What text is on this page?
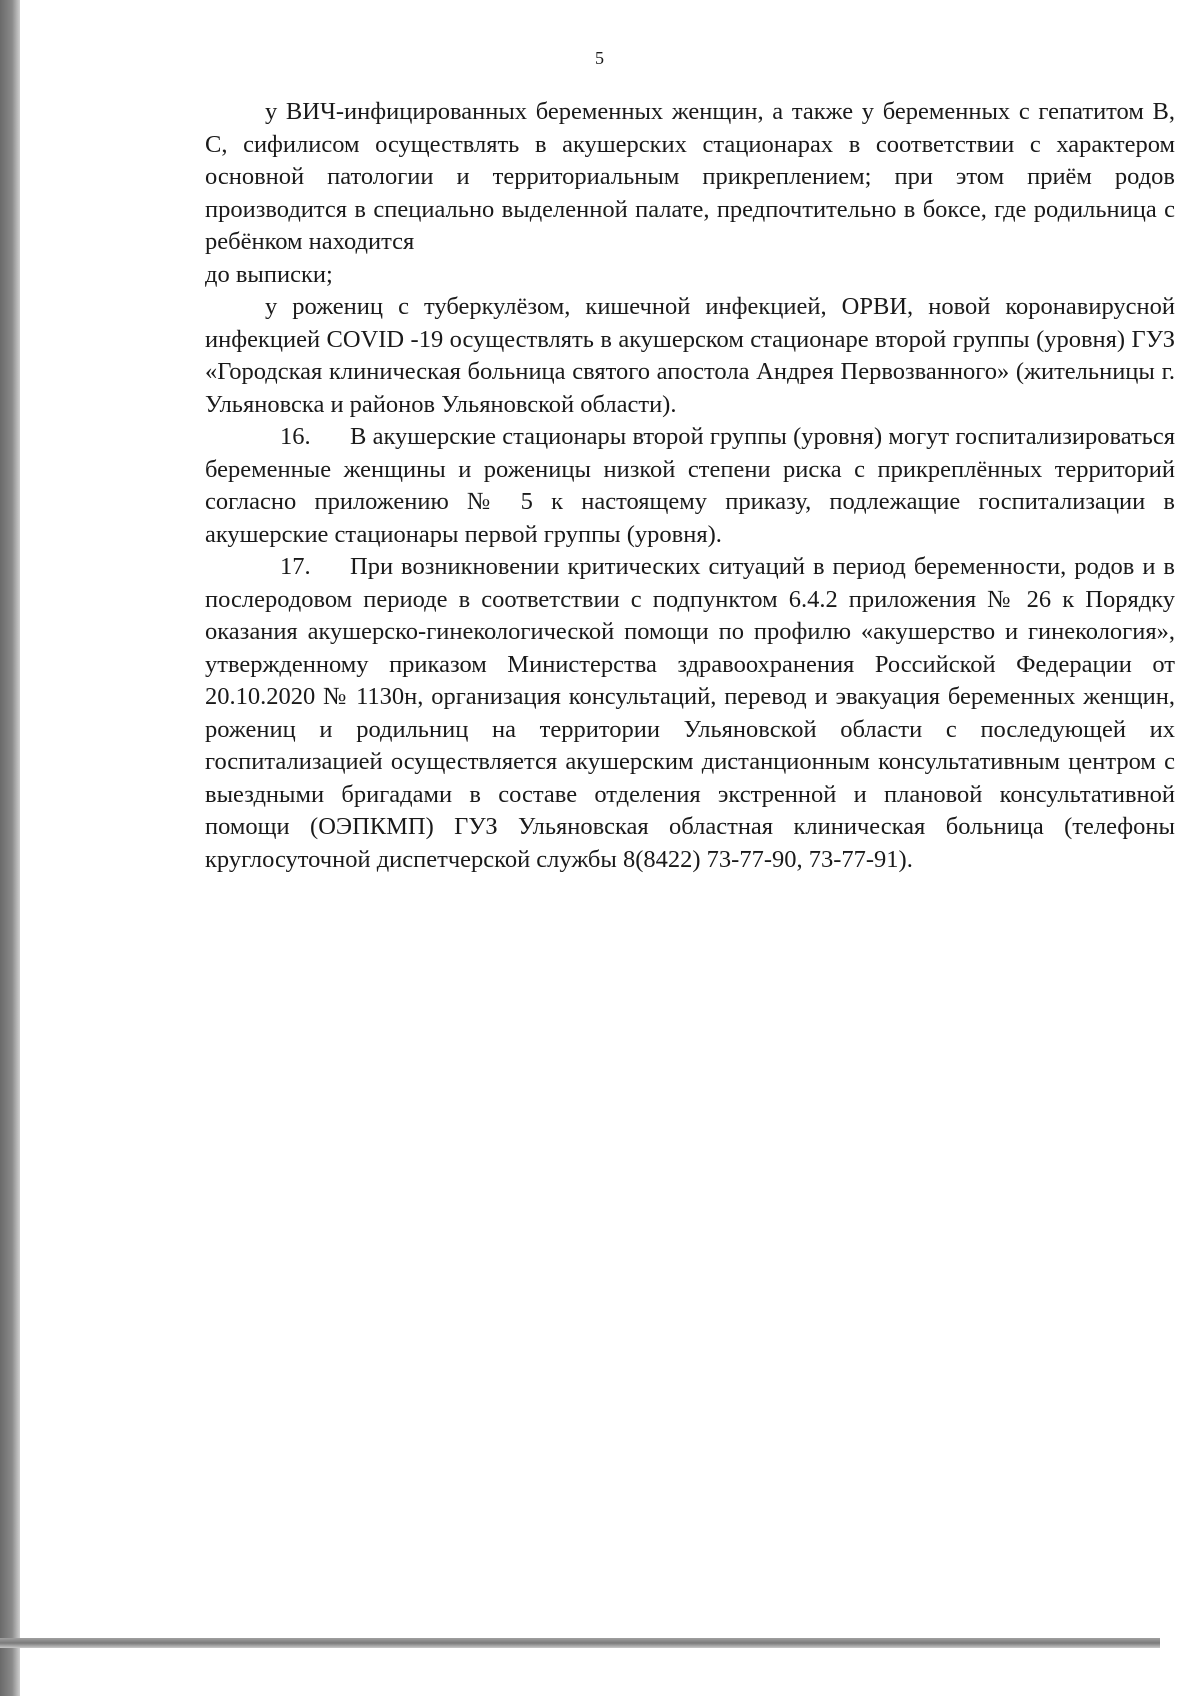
5

у ВИЧ-инфицированных беременных женщин, а также у беременных с гепатитом В, С, сифилисом осуществлять в акушерских стационарах в соответствии с характером основной патологии и территориальным прикреплением; при этом приём родов производится в специально выделенной палате, предпочтительно в боксе, где родильница с ребёнком находится

до выписки;

у рожениц с туберкулёзом, кишечной инфекцией, ОРВИ, новой коронавирусной инфекцией COVID -19 осуществлять в акушерском стационаре второй группы (уровня) ГУЗ «Городская клиническая больница святого апостола Андрея Первозванного» (жительницы г. Ульяновска и районов Ульяновской области).

16. В акушерские стационары второй группы (уровня) могут госпитализироваться беременные женщины и роженицы низкой степени риска с прикреплённых территорий согласно приложению № 5 к настоящему приказу, подлежащие госпитализации в акушерские стационары первой группы (уровня).

17. При возникновении критических ситуаций в период беременности, родов и в послеродовом периоде в соответствии с подпунктом 6.4.2 приложения № 26 к Порядку оказания акушерско-гинекологической помощи по профилю «акушерство и гинекология», утвержденному приказом Министерства здравоохранения Российской Федерации от 20.10.2020 № 1130н, организация консультаций, перевод и эвакуация беременных женщин, рожениц и родильниц на территории Ульяновской области с последующей их госпитализацией осуществляется акушерским дистанционным консультативным центром с выездными бригадами в составе отделения экстренной и плановой консультативной помощи (ОЭПКМП) ГУЗ Ульяновская областная клиническая больница (телефоны круглосуточной диспетчерской службы 8(8422) 73-77-90, 73-77-91).
